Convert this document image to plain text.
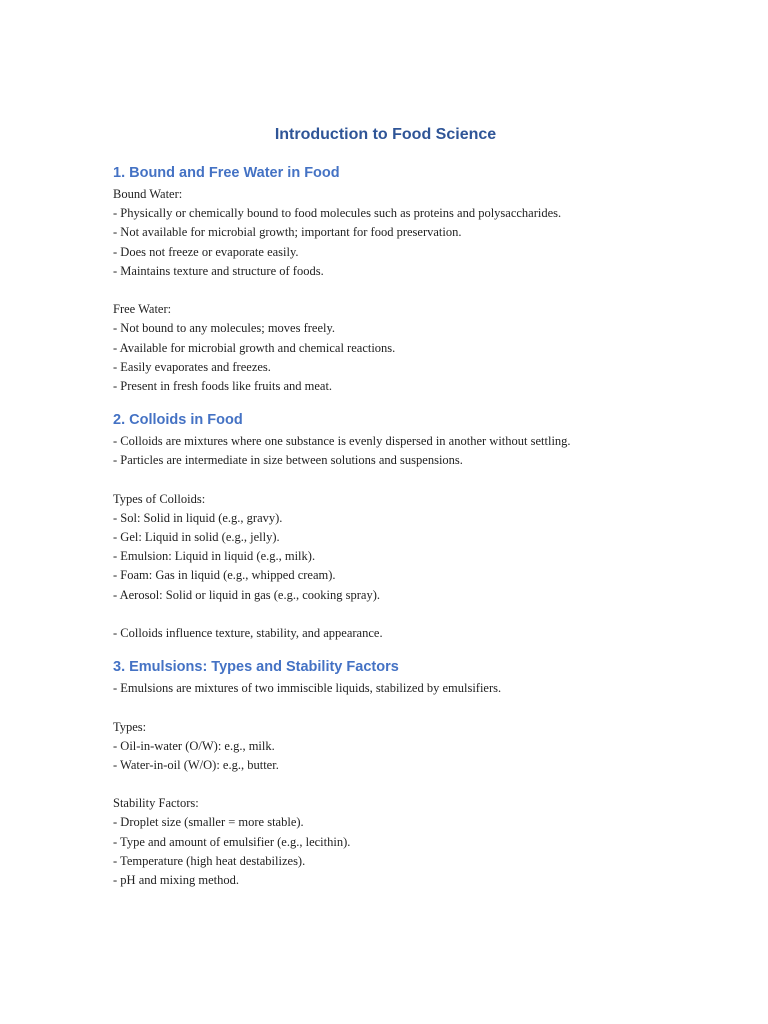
Introduction to Food Science
1. Bound and Free Water in Food
Bound Water:
- Physically or chemically bound to food molecules such as proteins and polysaccharides.
- Not available for microbial growth; important for food preservation.
- Does not freeze or evaporate easily.
- Maintains texture and structure of foods.
Free Water:
- Not bound to any molecules; moves freely.
- Available for microbial growth and chemical reactions.
- Easily evaporates and freezes.
- Present in fresh foods like fruits and meat.
2. Colloids in Food
- Colloids are mixtures where one substance is evenly dispersed in another without settling.
- Particles are intermediate in size between solutions and suspensions.
Types of Colloids:
- Sol: Solid in liquid (e.g., gravy).
- Gel: Liquid in solid (e.g., jelly).
- Emulsion: Liquid in liquid (e.g., milk).
- Foam: Gas in liquid (e.g., whipped cream).
- Aerosol: Solid or liquid in gas (e.g., cooking spray).
- Colloids influence texture, stability, and appearance.
3. Emulsions: Types and Stability Factors
- Emulsions are mixtures of two immiscible liquids, stabilized by emulsifiers.
Types:
- Oil-in-water (O/W): e.g., milk.
- Water-in-oil (W/O): e.g., butter.
Stability Factors:
- Droplet size (smaller = more stable).
- Type and amount of emulsifier (e.g., lecithin).
- Temperature (high heat destabilizes).
- pH and mixing method.
